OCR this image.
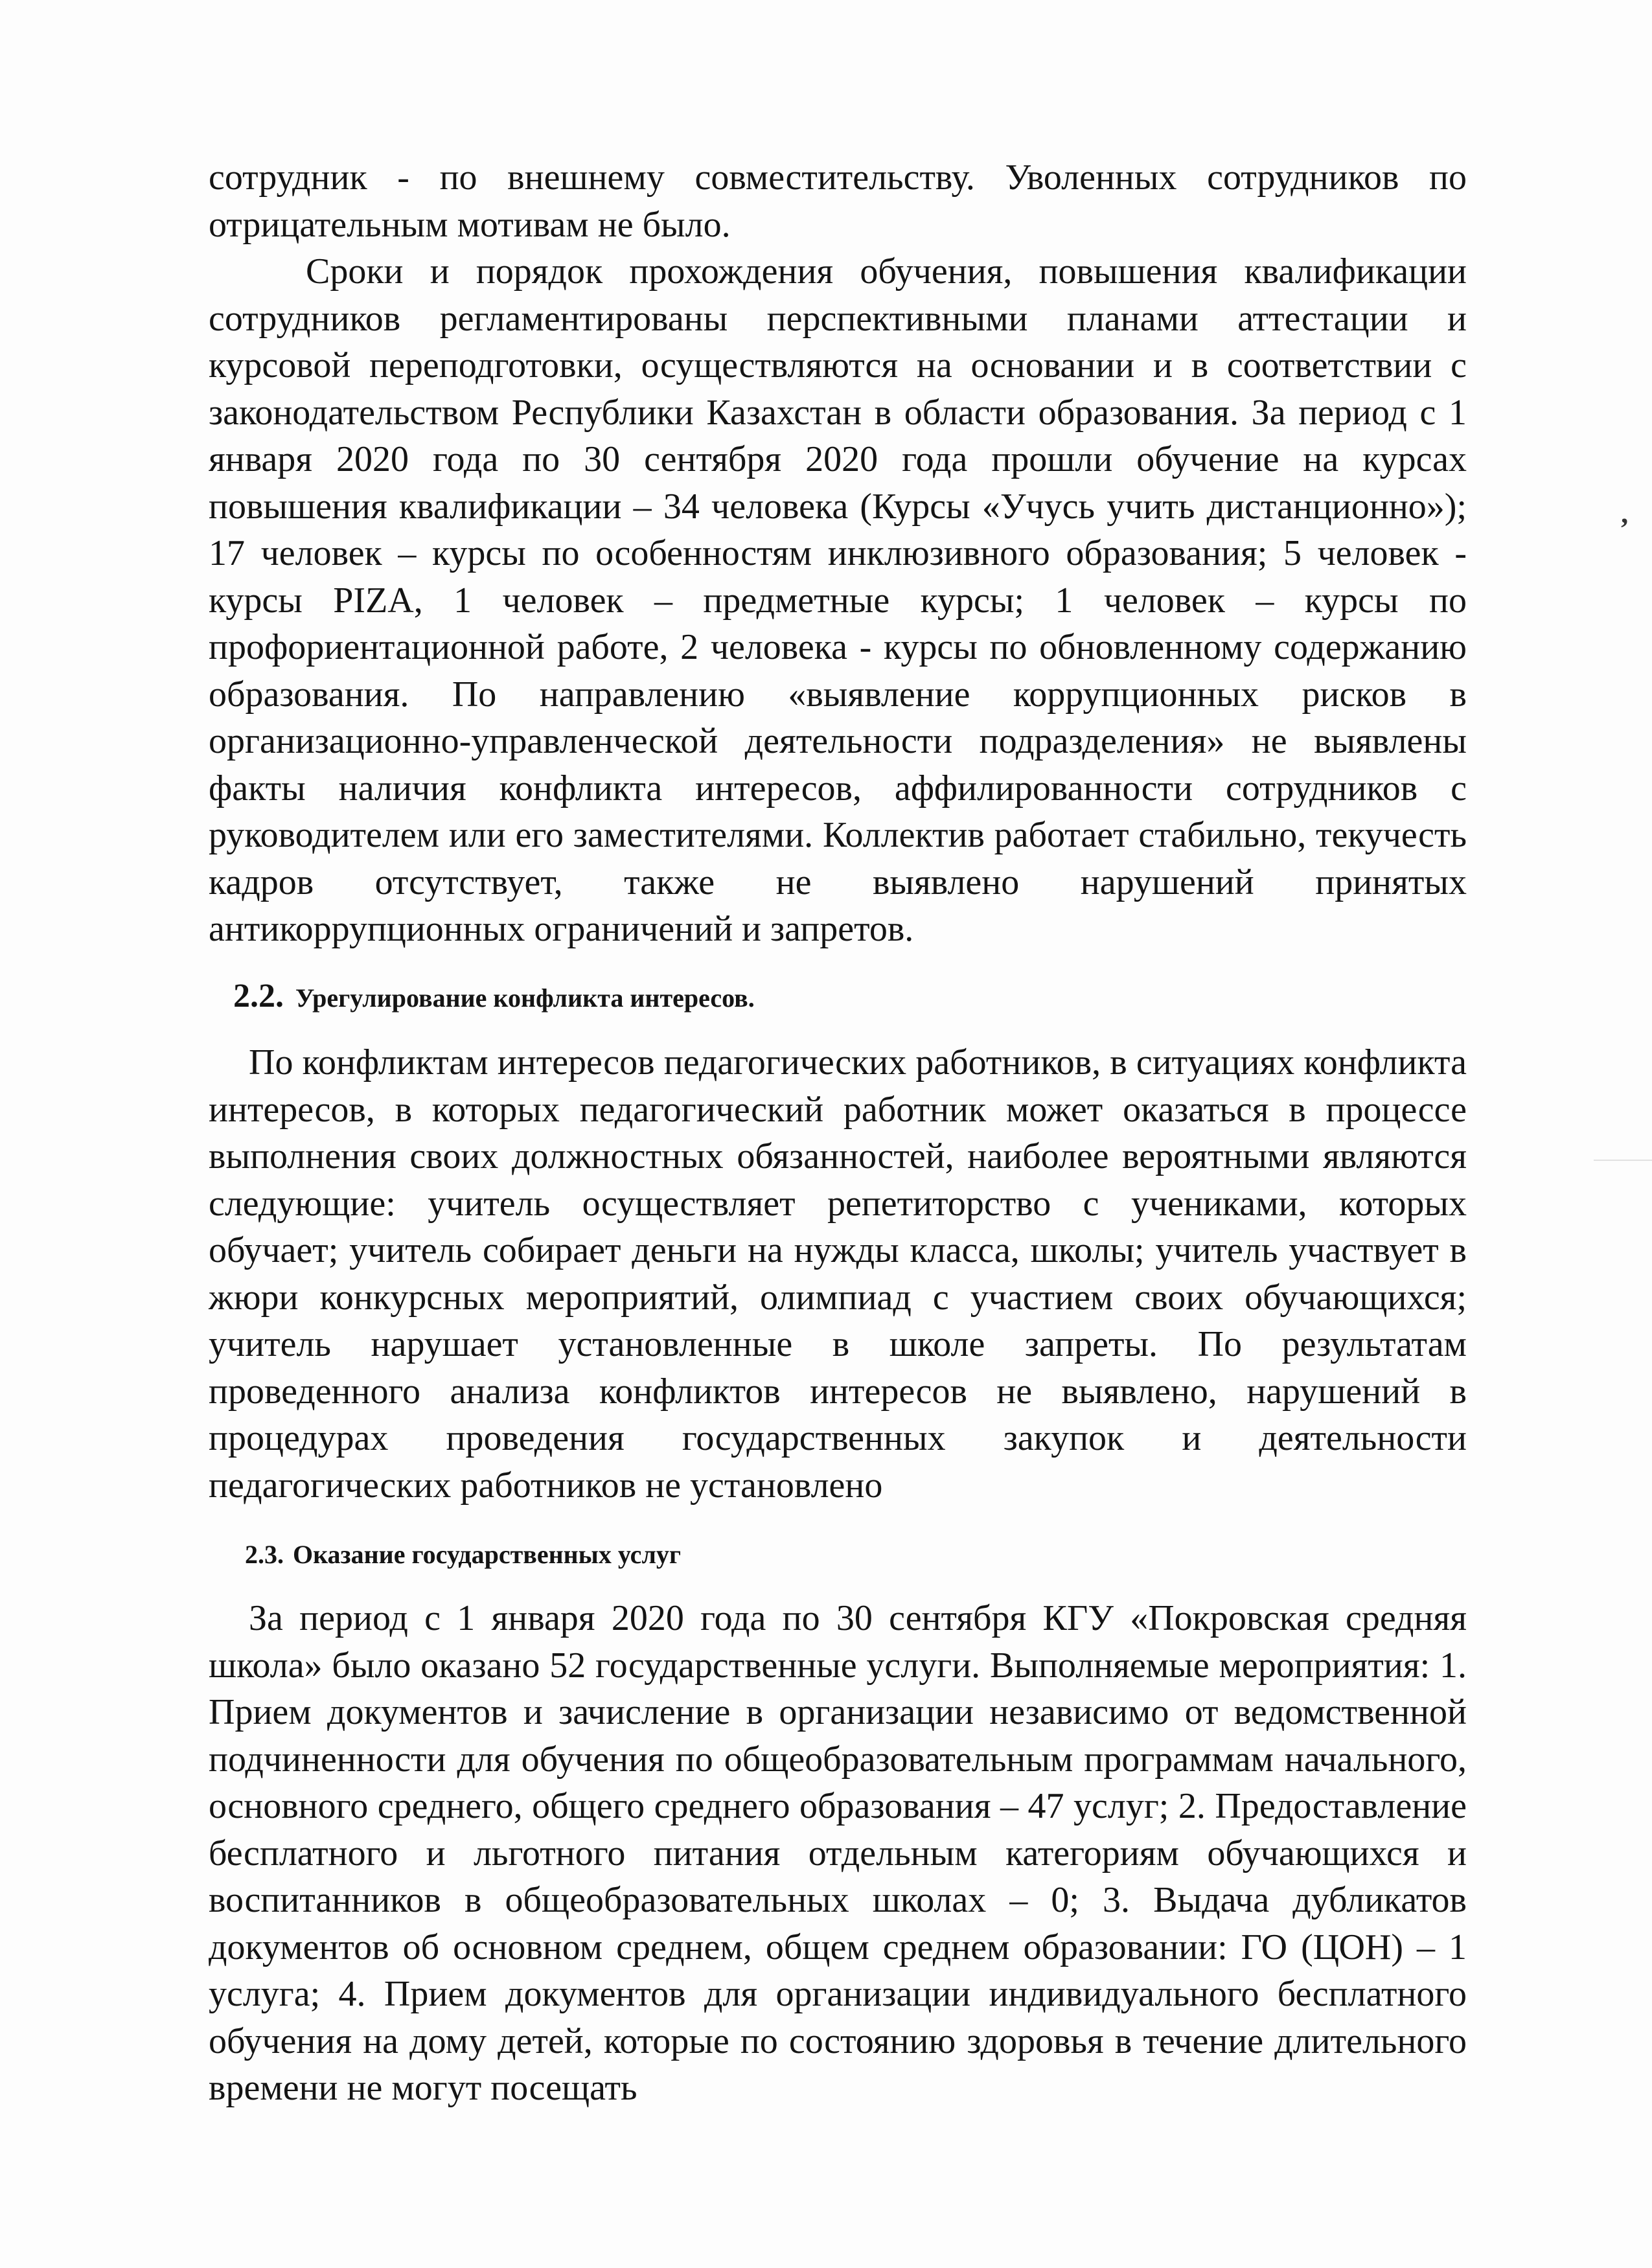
сотрудник - по внешнему совместительству. Уволенных сотрудников по отрицательным мотивам не было.

Сроки и порядок прохождения обучения, повышения квалификации сотрудников регламентированы перспективными планами аттестации и курсовой переподготовки, осуществляются на основании и в соответствии с законодательством Республики Казахстан в области образования. За период с 1 января 2020 года по 30 сентября 2020 года прошли обучение на курсах повышения квалификации – 34 человека (Курсы «Учусь учить дистанционно»); 17 человек – курсы по особенностям инклюзивного образования; 5 человек - курсы PIZA, 1 человек – предметные курсы; 1 человек – курсы по профориентационной работе, 2 человека - курсы по обновленному содержанию образования. По направлению «выявление коррупционных рисков в организационно-управленческой деятельности подразделения» не выявлены факты наличия конфликта интересов, аффилированности сотрудников с руководителем или его заместителями. Коллектив работает стабильно, текучесть кадров отсутствует, также не выявлено нарушений принятых антикоррупционных ограничений и запретов.

2.2. Урегулирование конфликта интересов.

По конфликтам интересов педагогических работников, в ситуациях конфликта интересов, в которых педагогический работник может оказаться в процессе выполнения своих должностных обязанностей, наиболее вероятными являются следующие: учитель осуществляет репетиторство с учениками, которых обучает; учитель собирает деньги на нужды класса, школы; учитель участвует в жюри конкурсных мероприятий, олимпиад с участием своих обучающихся; учитель нарушает установленные в школе запреты. По результатам проведенного анализа конфликтов интересов не выявлено, нарушений в процедурах проведения государственных закупок и деятельности педагогических работников не установлено

2.3. Оказание государственных услуг

За период с 1 января 2020 года по 30 сентября КГУ «Покровская средняя школа» было оказано 52 государственные услуги. Выполняемые мероприятия: 1. Прием документов и зачисление в организации независимо от ведомственной подчиненности для обучения по общеобразовательным программам начального, основного среднего, общего среднего образования – 47 услуг; 2. Предоставление бесплатного и льготного питания отдельным категориям обучающихся и воспитанников в общеобразовательных школах – 0; 3. Выдача дубликатов документов об основном среднем, общем среднем образовании: ГО (ЦОН) – 1 услуга; 4. Прием документов для организации индивидуального бесплатного обучения на дому детей, которые по состоянию здоровья в течение длительного времени не могут посещать

ʼ
